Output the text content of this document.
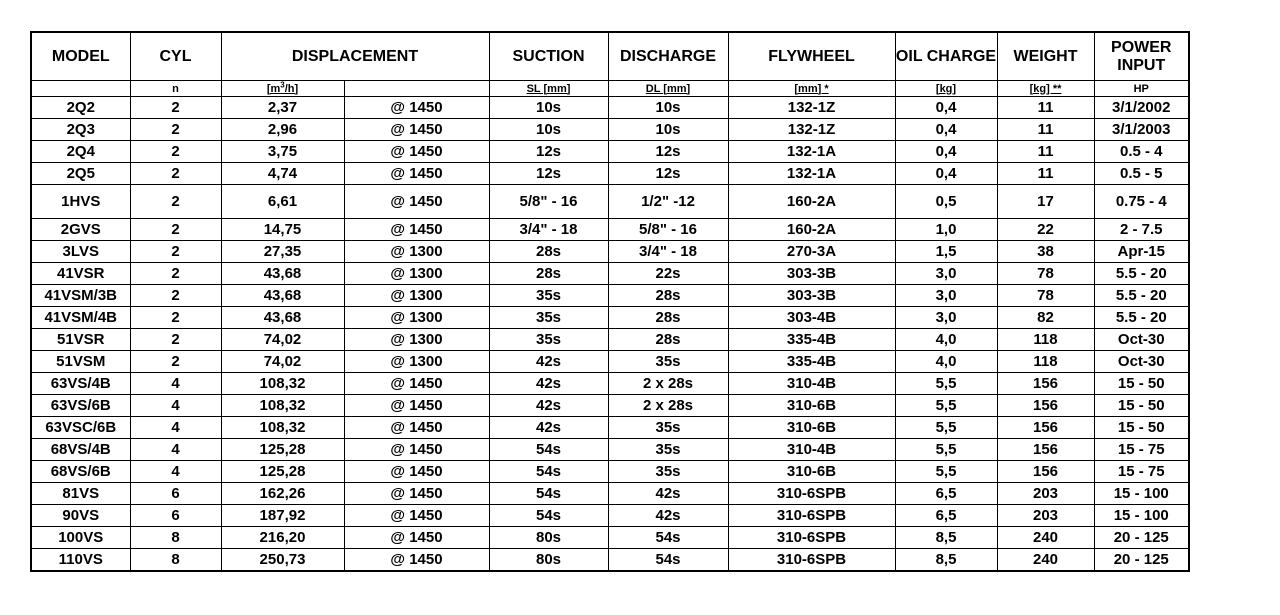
MODEL	CYL	DISPLACEMENT		SUCTION	DISCHARGE	FLYWHEEL	OIL CHARGE	WEIGHT	POWER
INPUT
	n	$[m^3/h]$		SL [mm]	DL [mm]	[mm] *	[kg]	[kg] **	HP
2Q2	2	2,37	@ 1450	10s	10s	132-1Z	0,4	11	3/1/2002
2Q3	2	2,96	@ 1450	10s	10s	132-1Z	0,4	11	3/1/2003
2Q4	2	3,75	@ 1450	12s	12s	132-1A	0,4	11	0.5 - 4
2Q5	2	4,74	@ 1450	12s	12s	132-1A	0,4	11	0.5 - 5
1HVS	2	6,61	@ 1450	5/8" - 16	1/2" -12	160-2A	0,5	17	0.75 - 4
2GVS	2	14,75	@ 1450	3/4" - 18	5/8" - 16	160-2A	1,0	22	2 - 7.5
3LVS	2	27,35	@ 1300	28s	3/4" - 18	270-3A	1,5	38	Apr-15
41VSR	2	43,68	@ 1300	28s	22s	303-3B	3,0	78	5.5 - 20
41VSM/3B	2	43,68	@ 1300	35s	28s	303-3B	3,0	78	5.5 - 20
41VSM/4B	2	43,68	@ 1300	35s	28s	303-4B	3,0	82	5.5 - 20
51VSR	2	74,02	@ 1300	35s	28s	335-4B	4,0	118	Oct-30
51VSM	2	74,02	@ 1300	42s	35s	335-4B	4,0	118	Oct-30
63VS/4B	4	108,32	@ 1450	42s	2 x 28s	310-4B	5,5	156	15 - 50
63VS/6B	4	108,32	@ 1450	42s	2 x 28s	310-6B	5,5	156	15 - 50
63VSC/6B	4	108,32	@ 1450	42s	35s	310-6B	5,5	156	15 - 50
68VS/4B	4	125,28	@ 1450	54s	35s	310-4B	5,5	156	15 - 75
68VS/6B	4	125,28	@ 1450	54s	35s	310-6B	5,5	156	15 - 75
81VS	6	162,26	@ 1450	54s	42s	310-6SPB	6,5	203	15 - 100
90VS	6	187,92	@ 1450	54s	42s	310-6SPB	6,5	203	15 - 100
100VS	8	216,20	@ 1450	80s	54s	310-6SPB	8,5	240	20 - 125
110VS	8	250,73	@ 1450	80s	54s	310-6SPB	8,5	240	20 - 125
